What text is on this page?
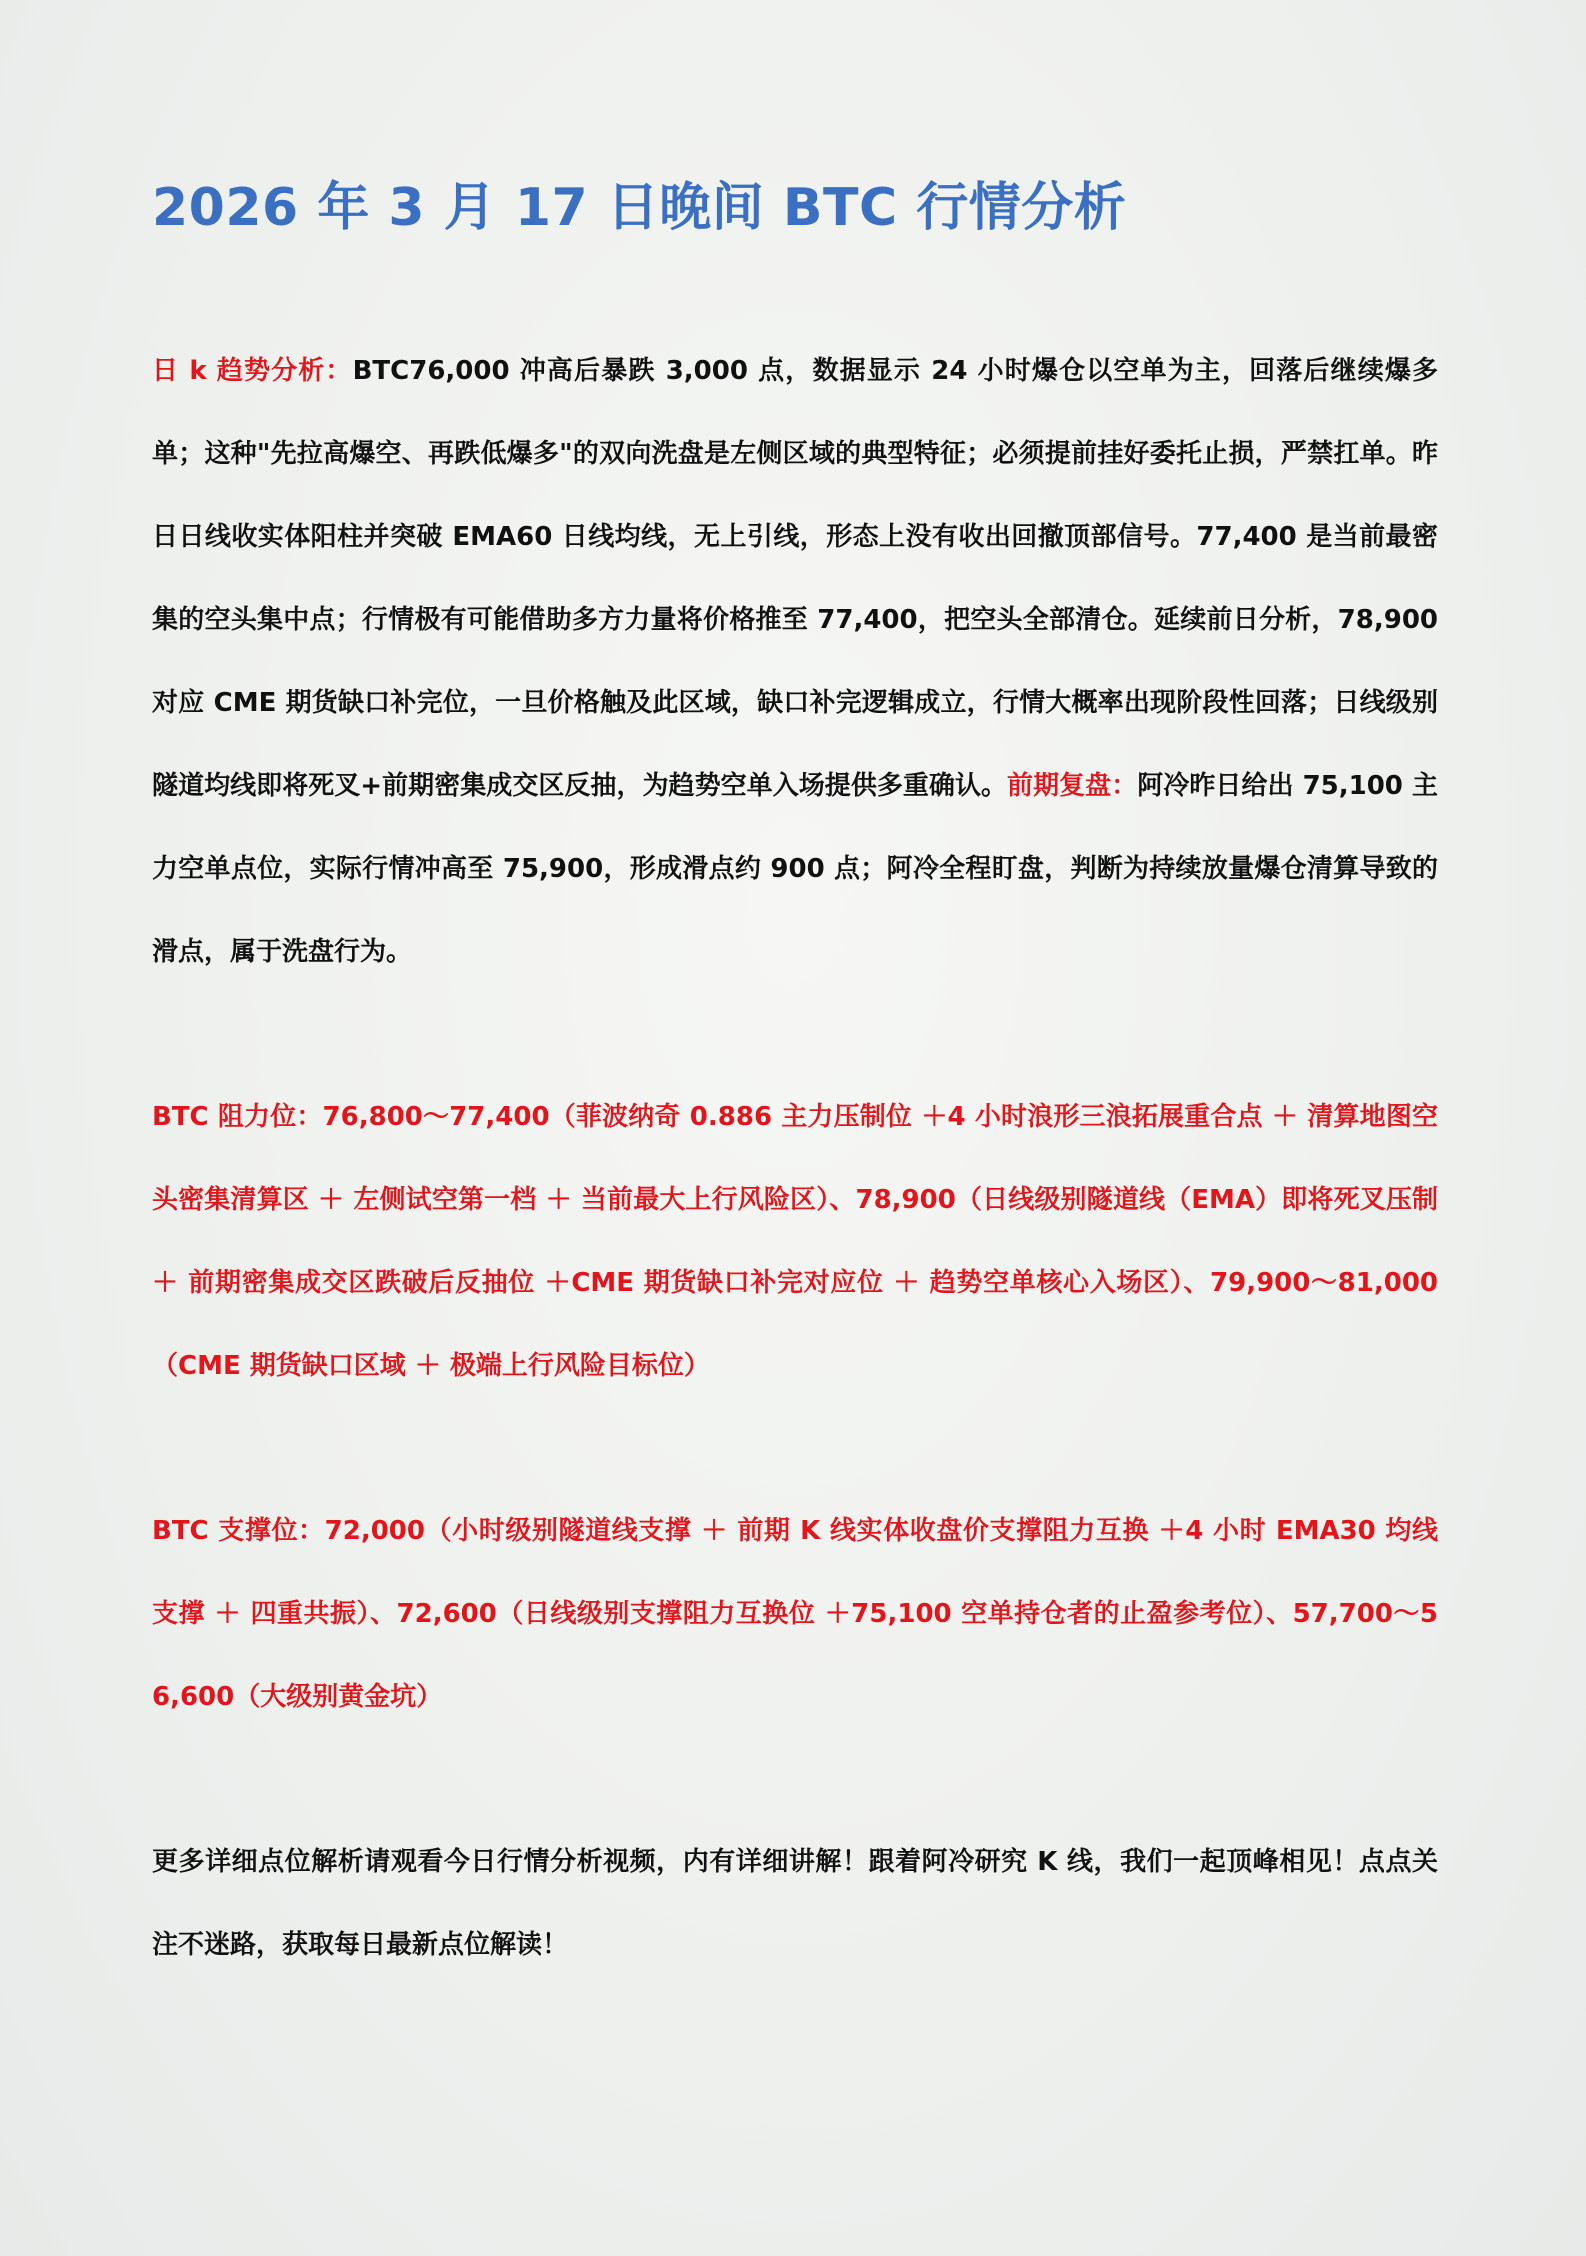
2026 年 3 月 17 日晚间 BTC 行情分析

日 k 趋势分析：BTC76,000 冲高后暴跌 3,000 点，数据显示 24 小时爆仓以空单为主，回落后继续爆多单；这种"先拉高爆空、再跌低爆多"的双向洗盘是左侧区域的典型特征；必须提前挂好委托止损，严禁扛单。昨日日线收实体阳柱并突破 EMA60 日线均线，无上引线，形态上没有收出回撤顶部信号。77,400 是当前最密集的空头集中点；行情极有可能借助多方力量将价格推至 77,400，把空头全部清仓。延续前日分析，78,900 对应 CME 期货缺口补完位，一旦价格触及此区域，缺口补完逻辑成立，行情大概率出现阶段性回落；日线级别隧道均线即将死叉+前期密集成交区反抽，为趋势空单入场提供多重确认。前期复盘：阿冷昨日给出 75,100 主力空单点位，实际行情冲高至 75,900，形成滑点约 900 点；阿冷全程盯盘，判断为持续放量爆仓清算导致的滑点，属于洗盘行为。

BTC 阻力位：76,800～77,400（菲波纳奇 0.886 主力压制位 ＋4 小时浪形三浪拓展重合点 ＋ 清算地图空头密集清算区 ＋ 左侧试空第一档 ＋ 当前最大上行风险区）、78,900（日线级别隧道线（EMA）即将死叉压制 ＋ 前期密集成交区跌破后反抽位 ＋CME 期货缺口补完对应位 ＋ 趋势空单核心入场区）、79,900～81,000（CME 期货缺口区域 ＋ 极端上行风险目标位）

BTC 支撑位：72,000（小时级别隧道线支撑 ＋ 前期 K 线实体收盘价支撑阻力互换 ＋4 小时 EMA30 均线支撑 ＋ 四重共振）、72,600（日线级别支撑阻力互换位 ＋75,100 空单持仓者的止盈参考位）、57,700～56,600（大级别黄金坑）

更多详细点位解析请观看今日行情分析视频，内有详细讲解！跟着阿冷研究 K 线，我们一起顶峰相见！点点关注不迷路，获取每日最新点位解读！
